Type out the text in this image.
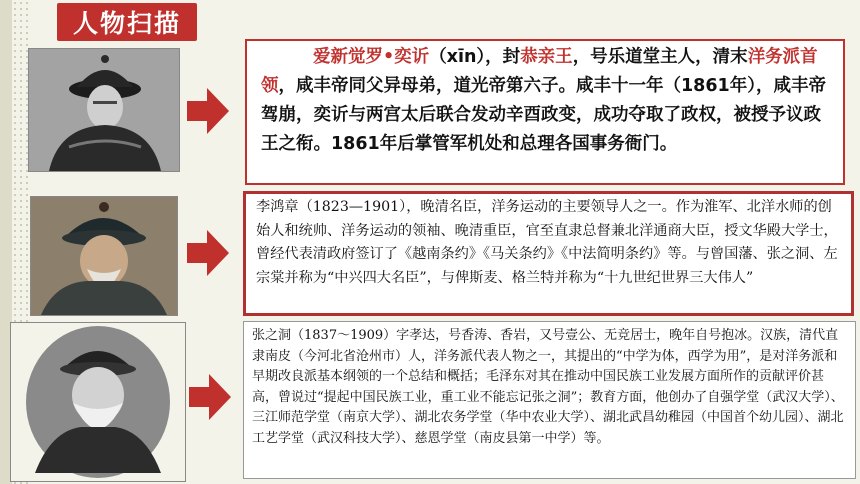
人物扫描
爱新觉罗•奕䜣（xīn），封恭亲王，号乐道堂主人，清末洋务派首领，咸丰帝同父异母弟，道光帝第六子。咸丰十一年（1861年），咸丰帝驾崩，奕䜣与两宫太后联合发动辛酉政变，成功夺取了政权，被授予议政王之衔。1861年后掌管军机处和总理各国事务衙门。
李鸿章（1823—1901），晚清名臣，洋务运动的主要领导人之一。作为淮军、北洋水师的创始人和统帅、洋务运动的领袖、晚清重臣，官至直隶总督兼北洋通商大臣，授文华殿大学士，曾经代表清政府签订了《越南条约》《马关条约》《中法简明条约》等。与曾国藩、张之洞、左宗棠并称为“中兴四大名臣”，与俾斯麦、格兰特并称为“十九世纪世界三大伟人”
张之洞（1837～1909）字孝达，号香涛、香岩，又号壹公、无竞居士，晚年自号抱冰。汉族，清代直隶南皮（今河北省沧州市）人，洋务派代表人物之一，其提出的“中学为体，西学为用”，是对洋务派和早期改良派基本纲领的一个总结和概括；毛泽东对其在推动中国民族工业发展方面所作的贡献评价甚高，曾说过“提起中国民族工业，重工业不能忘记张之洞”；教育方面，他创办了自强学堂（武汉大学）、三江师范学堂（南京大学）、湖北农务学堂（华中农业大学）、湖北武昌幼稚园（中国首个幼儿园）、湖北工艺学堂（武汉科技大学）、慈恩学堂（南皮县第一中学）等。
